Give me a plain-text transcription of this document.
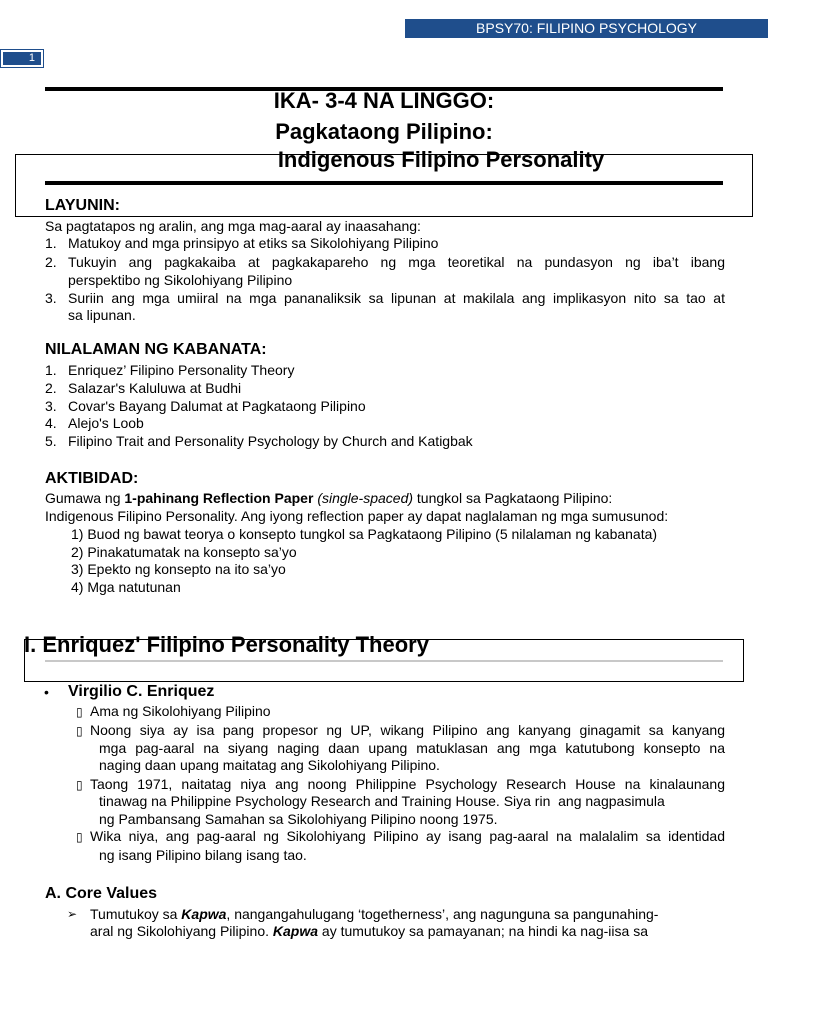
BPSY70: FILIPINO PSYCHOLOGY
1
IKA- 3-4 NA LINGGO:
Pagkataong Pilipino:
Indigenous Filipino Personality
LAYUNIN:
Sa pagtatapos ng aralin, ang mga mag-aaral ay inaasahang:
1. Matukoy and mga prinsipyo at etiks sa Sikolohiyang Pilipino
2. Tukuyin ang pagkakaiba at pagkakapareho ng mga teoretikal na pundasyon ng iba’t ibang
perspektibo ng Sikolohiyang Pilipino
3. Suriin ang mga umiiral na mga pananaliksik sa lipunan at makilala ang implikasyon nito sa tao at
sa lipunan.
NILALAMAN NG KABANATA:
1. Enriquez’ Filipino Personality Theory
2. Salazar's Kaluluwa at Budhi
3. Covar's Bayang Dalumat at Pagkataong Pilipino
4. Alejo's Loob
5. Filipino Trait and Personality Psychology by Church and Katigbak
AKTIBIDAD:
Gumawa ng 1-pahinang Reflection Paper (single-spaced) tungkol sa Pagkataong Pilipino:
Indigenous Filipino Personality. Ang iyong reflection paper ay dapat naglalaman ng mga sumusunod:
1) Buod ng bawat teorya o konsepto tungkol sa Pagkataong Pilipino (5 nilalaman ng kabanata)
2) Pinakatumatak na konsepto sa’yo
3) Epekto ng konsepto na ito sa’yo
4) Mga natutunan
I. Enriquez' Filipino Personality Theory
• Virgilio C. Enriquez
▯ Ama ng Sikolohiyang Pilipino
▯ Noong siya ay isa pang propesor ng UP, wikang Pilipino ang kanyang ginagamit sa kanyang
mga pag-aaral na siyang naging daan upang matuklasan ang mga katutubong konsepto na
naging daan upang maitatag ang Sikolohiyang Pilipino.
▯ Taong 1971, naitatag niya ang noong Philippine Psychology Research House na kinalaunang
tinawag na Philippine Psychology Research and Training House. Siya rin  ang nagpasimula
ng Pambansang Samahan sa Sikolohiyang Pilipino noong 1975.
▯ Wika niya, ang pag-aaral ng Sikolohiyang Pilipino ay isang pag-aaral na malalalim sa identidad
ng isang Pilipino bilang isang tao.
A. Core Values
➢ Tumutukoy sa Kapwa, nangangahulugang ‘togetherness’, ang nagunguna sa pangunahing-
aral ng Sikolohiyang Pilipino. Kapwa ay tumutukoy sa pamayanan; na hindi ka nag-iisa sa
